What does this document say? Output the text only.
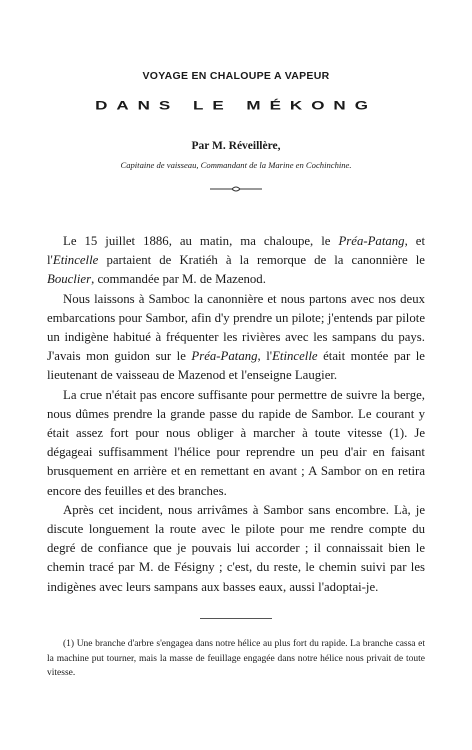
VOYAGE EN CHALOUPE A VAPEUR
DANS LE MÉKONG
Par M. Réveillère,
Capitaine de vaisseau, Commandant de la Marine en Cochinchine.

Le 15 juillet 1886, au matin, ma chaloupe, le Préa-Patang, et l'Etincelle partaient de Kratiéh à la remorque de la canonnière le Bouclier, commandée par M. de Mazenod.

Nous laissons à Samboc la canonnière et nous partons avec nos deux embarcations pour Sambor, afin d'y prendre un pilote; j'entends par pilote un indigène habitué à fréquenter les rivières avec les sampans du pays. J'avais mon guidon sur le Préa-Patang, l'Etincelle était montée par le lieutenant de vaisseau de Mazenod et l'enseigne Laugier.

La crue n'était pas encore suffisante pour permettre de suivre la berge, nous dûmes prendre la grande passe du rapide de Sambor. Le courant y était assez fort pour nous obliger à marcher à toute vitesse (1). Je dégageai suffisamment l'hélice pour reprendre un peu d'air en faisant brusquement en arrière et en remettant en avant ; A Sambor on en retira encore des feuilles et des branches.

Après cet incident, nous arrivâmes à Sambor sans encombre. Là, je discute longuement la route avec le pilote pour me rendre compte du degré de confiance que je pouvais lui accorder ; il connaissait bien le chemin tracé par M. de Fésigny ; c'est, du reste, le chemin suivi par les indigènes avec leurs sampans aux basses eaux, aussi l'adoptai-je.

(1) Une branche d'arbre s'engagea dans notre hélice au plus fort du rapide. La branche cassa et la machine put tourner, mais la masse de feuillage engagée dans notre hélice nous privait de toute vitesse.
